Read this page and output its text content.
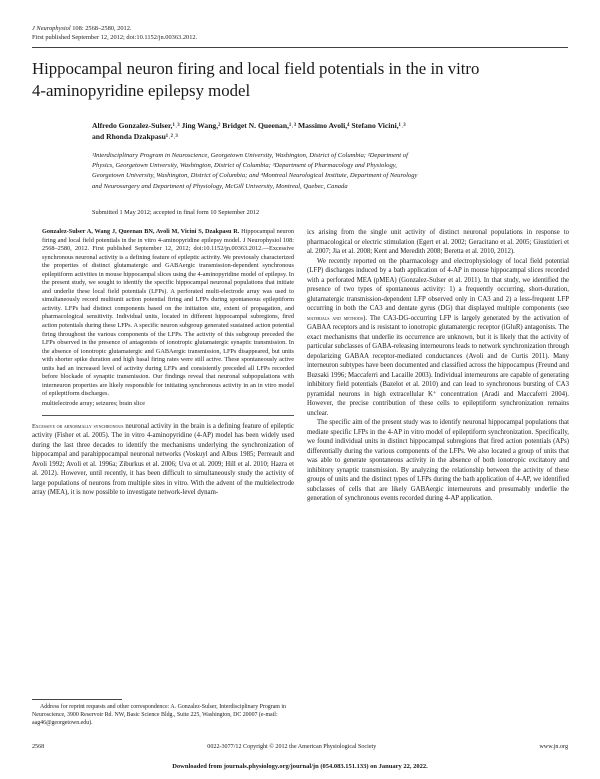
J Neurophysiol 108: 2568–2580, 2012.
First published September 12, 2012; doi:10.1152/jn.00363.2012.
Hippocampal neuron firing and local field potentials in the in vitro
4-aminopyridine epilepsy model
Alfredo Gonzalez-Sulser,¹˒³ Jing Wang,² Bridget N. Queenan,¹˒³ Massimo Avoli,⁴ Stefano Vicini,¹˒³
and Rhonda Dzakpasu¹˒²˒³
¹Interdisciplinary Program in Neuroscience, Georgetown University, Washington, District of Columbia; ²Department of
Physics, Georgetown University, Washington, District of Columbia; ³Department of Pharmacology and Physiology,
Georgetown University, Washington, District of Columbia; and ⁴Montreal Neurological Institute, Department of Neurology
and Neurosurgery and Department of Physiology, McGill University, Montreal, Quebec, Canada
Submitted 1 May 2012; accepted in final form 10 September 2012

Gonzalez-Sulser A, Wang J, Queenan BN, Avoli M, Vicini S, Dzakpasu R. Hippocampal neuron firing and local field potentials in the in vitro 4-aminopyridine epilepsy model. J Neurophysiol 108: 2568–2580, 2012. First published September 12, 2012; doi:10.1152/jn.00363.2012.—Excessive synchronous neuronal activity is a defining feature of epileptic activity. We previously characterized the properties of distinct glutamatergic and GABAergic transmission-dependent synchronous epileptiform activities in mouse hippocampal slices using the 4-aminopyridine model of epilepsy. In the present study, we sought to identify the specific hippocampal neuronal populations that initiate and underlie these local field potentials (LFPs). A perforated multi-electrode array was used to simultaneously record multiunit action potential firing and LFPs during spontaneous epileptiform activity. LFPs had distinct components based on the initiation site, extent of propagation, and pharmacological sensitivity. Individual units, located in different hippocampal subregions, fired action potentials during these LFPs. A specific neuron subgroup generated sustained action potential firing throughout the various components of the LFPs. The activity of this subgroup preceded the LFPs observed in the presence of antagonists of ionotropic glutamatergic synaptic transmission. In the absence of ionotropic glutamatergic and GABAergic transmission, LFPs disappeared, but units with shorter spike duration and high basal firing rates were still active. These spontaneously active units had an increased level of activity during LFPs and consistently preceded all LFPs recorded before blockade of synaptic transmission. Our findings reveal that neuronal subpopulations with interneuron properties are likely responsible for initiating synchronous activity in an in vitro model of epileptiform discharges.

multielectrode array; seizures; brain slice

Excessive or abnormally synchronous neuronal activity in the brain is a defining feature of epileptic activity (Fisher et al. 2005). The in vitro 4-aminopyridine (4-AP) model has been widely used during the last three decades to identify the mechanisms underlying the synchronization of hippocampal and parahippocampal neuronal networks (Voskuyl and Albus 1985; Perreault and Avoli 1992; Avoli et al. 1996a; Ziburkus et al. 2006; Uva et al. 2009; Hill et al. 2010; Hazra et al. 2012). However, until recently, it has been difficult to simultaneously study the activity of large populations of neurons from multiple sites in vitro. With the advent of the multielectrode array (MEA), it is now possible to investigate network-level dynam-

ics arising from the single unit activity of distinct neuronal populations in response to pharmacological or electric stimulation (Egert et al. 2002; Geracitano et al. 2005; Giustizieri et al. 2007; Jia et al. 2008; Kent and Meredith 2008; Beretta et al. 2010, 2012).

We recently reported on the pharmacology and electrophysiology of local field potential (LFP) discharges induced by a bath application of 4-AP in mouse hippocampal slices recorded with a perforated MEA (pMEA) (Gonzalez-Sulser et al. 2011). In that study, we identified the presence of two types of spontaneous activity: 1) a frequently occurring, short-duration, glutamatergic transmission-dependent LFP observed only in CA3 and 2) a less-frequent LFP occurring in both the CA3 and dentate gyrus (DG) that displayed multiple components (see materials and methods). The CA3-DG-occurring LFP is largely generated by the activation of GABAA receptors and is resistant to ionotropic glutamatergic receptor (iGluR) antagonists. The exact mechanisms that underlie its occurrence are unknown, but it is likely that the activity of particular subclasses of GABA-releasing interneurons leads to network synchronization through depolarizing GABAA receptor-mediated conductances (Avoli and de Curtis 2011). Many interneuron subtypes have been documented and classified across the hippocampus (Freund and Buzsaki 1996; Maccaferri and Lacaille 2003). Individual interneurons are capable of generating inhibitory field potentials (Bazelot et al. 2010) and can lead to synchronous bursting of CA3 pyramidal neurons in high extracellular K⁺ concentration (Aradi and Maccaferri 2004). However, the precise contribution of these cells to epileptiform synchronization remains unclear.

The specific aim of the present study was to identify neuronal hippocampal populations that mediate specific LFPs in the 4-AP in vitro model of epileptiform synchronization. Specifically, we found individual units in distinct hippocampal subregions that fired action potentials (APs) differentially during the various components of the LFPs. We also located a group of units that was able to generate spontaneous activity in the absence of both ionotropic excitatory and inhibitory synaptic transmission. By analyzing the relationship between the activity of these groups of units and the distinct types of LFPs during the bath application of 4-AP, we identified subclasses of cells that are likely GABAergic interneurons and presumably underlie the generation of synchronous events recorded during 4-AP application.

Address for reprint requests and other correspondence: A. Gonzalez-Sulser, Interdisciplinary Program in Neuroscience, 3900 Reservoir Rd. NW, Basic Science Bldg., Suite 225, Washington, DC 20007 (e-mail: aag46@georgetown.edu).
2568	0022-3077/12 Copyright © 2012 the American Physiological Society	www.jn.org
Downloaded from journals.physiology.org/journal/jn (054.083.151.133) on January 22, 2022.
